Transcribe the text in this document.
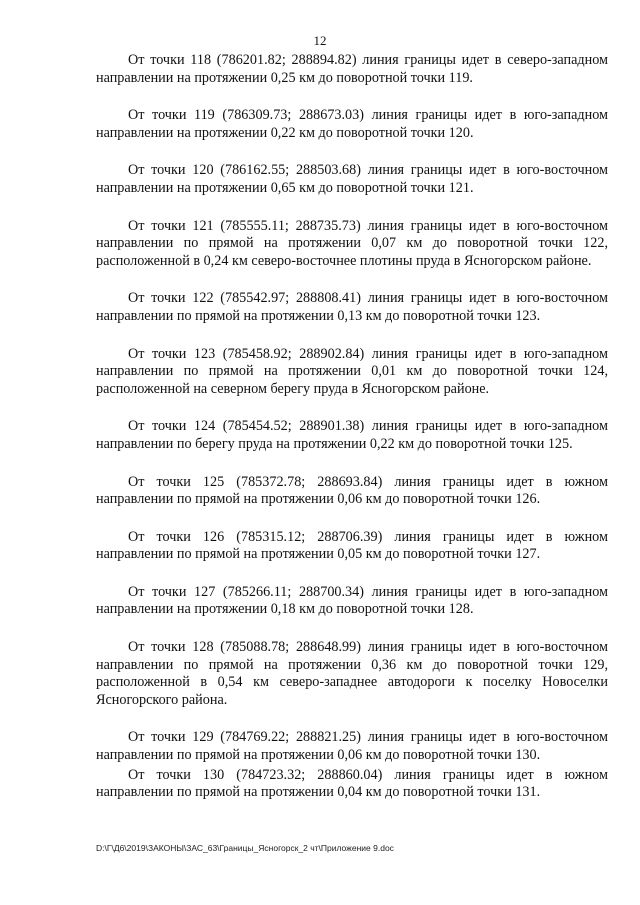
12

От точки 118 (786201.82; 288894.82) линия границы идет в северо-западном направлении на протяжении 0,25 км до поворотной точки 119.

От точки 119 (786309.73; 288673.03) линия границы идет в юго-западном направлении на протяжении 0,22 км до поворотной точки 120.

От точки 120 (786162.55; 288503.68) линия границы идет в юго-восточном направлении на протяжении 0,65 км до поворотной точки 121.

От точки 121 (785555.11; 288735.73) линия границы идет в юго-восточном направлении по прямой на протяжении 0,07 км до поворотной точки 122, расположенной в 0,24 км северо-восточнее плотины пруда в Ясногорском районе.

От точки 122 (785542.97; 288808.41) линия границы идет в юго-восточном направлении по прямой на протяжении 0,13 км до поворотной точки 123.

От точки 123 (785458.92; 288902.84) линия границы идет в юго-западном направлении по прямой на протяжении 0,01 км до поворотной точки 124, расположенной на северном берегу пруда в Ясногорском районе.

От точки 124 (785454.52; 288901.38) линия границы идет в юго-западном направлении по берегу пруда на протяжении 0,22 км до поворотной точки 125.

От точки 125 (785372.78; 288693.84) линия границы идет в южном направлении по прямой на протяжении 0,06 км до поворотной точки 126.

От точки 126 (785315.12; 288706.39) линия границы идет в южном направлении по прямой на протяжении 0,05 км до поворотной точки 127.

От точки 127 (785266.11; 288700.34) линия границы идет в юго-западном направлении на протяжении 0,18 км до поворотной точки 128.

От точки 128 (785088.78; 288648.99) линия границы идет в юго-восточном направлении по прямой на протяжении 0,36 км до поворотной точки 129, расположенной в 0,54 км северо-западнее автодороги к поселку Новоселки Ясногорского района.

От точки 129 (784769.22; 288821.25) линия границы идет в юго-восточном направлении по прямой на протяжении 0,06 км до поворотной точки 130.

От точки 130 (784723.32; 288860.04) линия границы идет в южном направлении по прямой на протяжении 0,04 км до поворотной точки 131.

D:\Г\Д6\2019\ЗАКОНЫ\ЗАС_63\Границы_Ясногорск_2 чт\Приложение 9.doc
